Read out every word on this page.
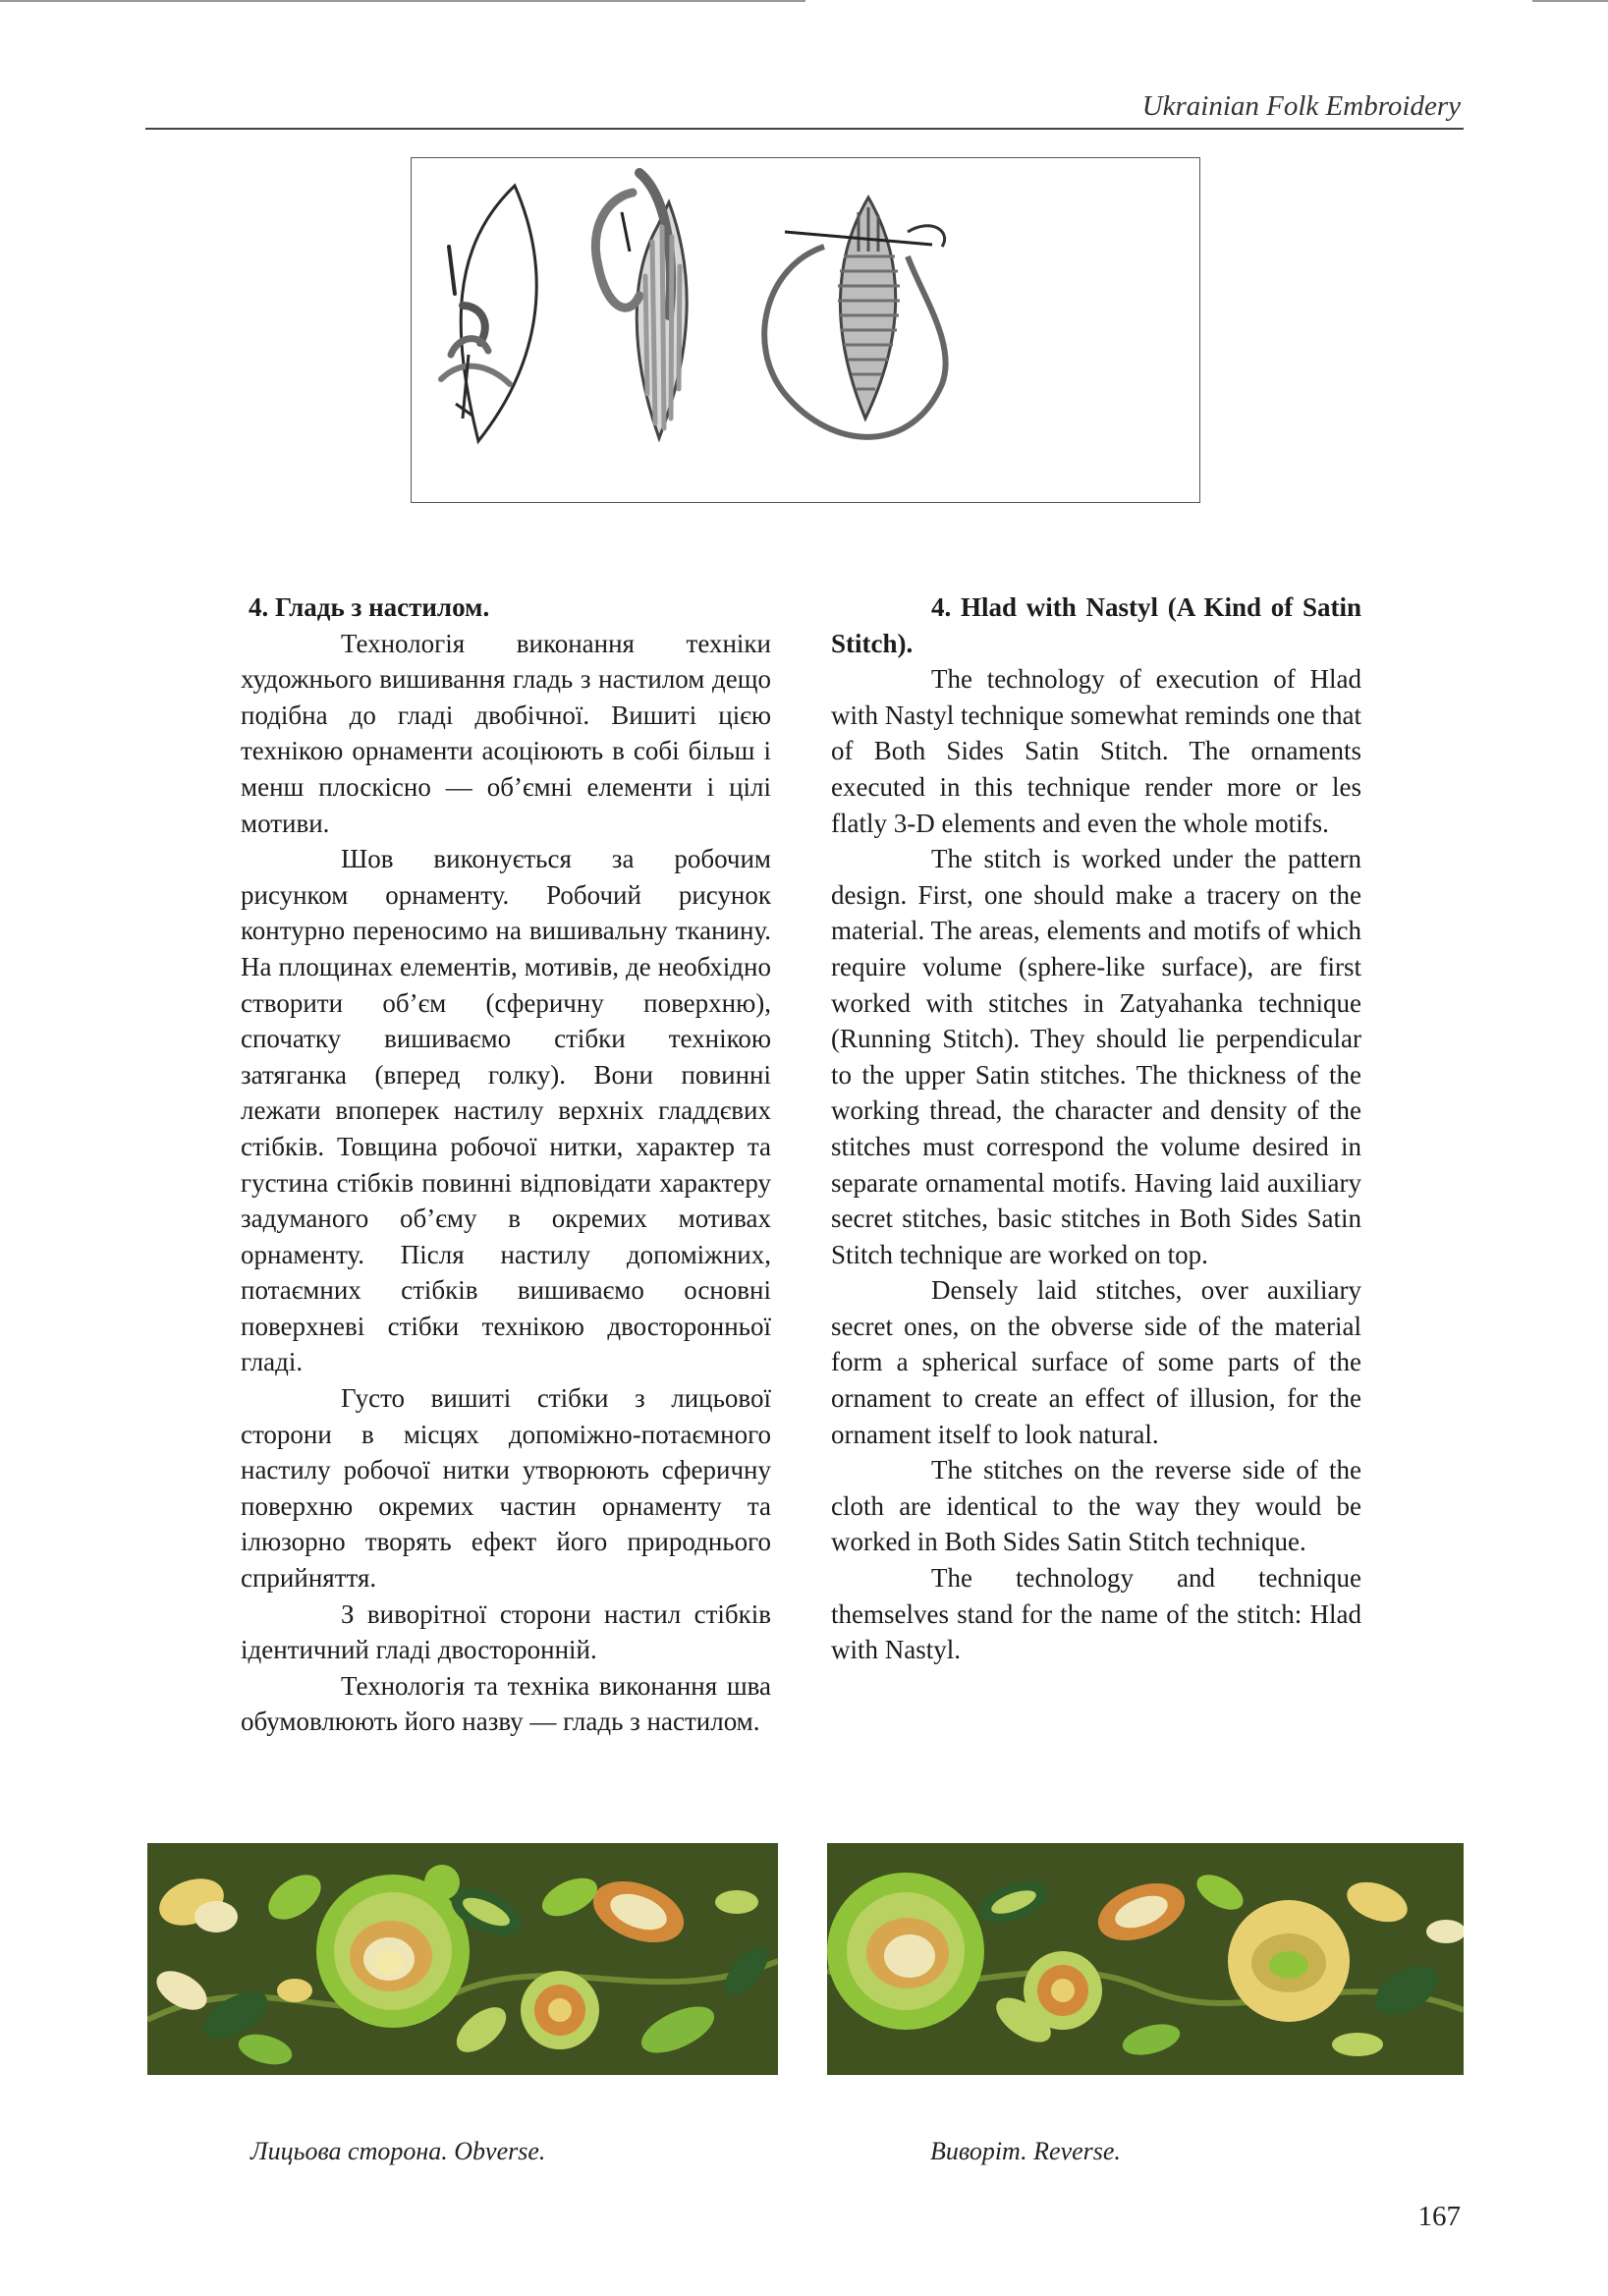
Ukrainian Folk Embroidery

4. Гладь з настилом.

Технологія виконання техніки художнього вишивання гладь з настилом дещо подібна до гладі двобічної. Вишиті цією технікою орнаменти асоціюють в собі більш і менш плоскісно — об’ємні елементи і цілі мотиви.

Шов виконується за робочим рисунком орнаменту. Робочий рисунок контурно переносимо на вишивальну тканину. На площинах елементів, мотивів, де необхідно створити об’єм (сферичну поверхню), спочатку вишиваємо стібки технікою затяганка (вперед голку). Вони повинні лежати впоперек настилу верхніх гладдєвих стібків. Товщина робочої нитки, характер та густина стібків повинні відповідати характеру задуманого об’єму в окремих мотивах орнаменту. Після настилу допоміжних, потаємних стібків вишиваємо основні поверхневі стібки технікою двосторонньої гладі.

Густо вишиті стібки з лицьової сторони в місцях допоміжно-потаємного настилу робочої нитки утворюють сферичну поверхню окремих частин орнаменту та ілюзорно творять ефект його природнього сприйняття.

З виворітної сторони настил стібків ідентичний гладі двосторонній.

Технологія та техніка виконання шва обумовлюють його назву — гладь з настилом.

4. Hlad with Nastyl (A Kind of Satin Stitch).

The technology of execution of Hlad with Nastyl technique somewhat reminds one that of Both Sides Satin Stitch. The ornaments executed in this technique render more or les flatly 3-D elements and even the whole motifs.

The stitch is worked under the pattern design. First, one should make a tracery on the material. The areas, elements and motifs of which require volume (sphere-like surface), are first worked with stitches in Zatyahanka technique (Running Stitch). They should lie perpendicular to the upper Satin stitches. The thickness of the working thread, the character and density of the stitches must correspond the volume desired in separate ornamental motifs. Having laid auxiliary secret stitches, basic stitches in Both Sides Satin Stitch technique are worked on top.

Densely laid stitches, over auxiliary secret ones, on the obverse side of the material form a spherical surface of some parts of the ornament to create an effect of illusion, for the ornament itself to look natural.

The stitches on the reverse side of the cloth are identical to the way they would be worked in Both Sides Satin Stitch technique.

The technology and technique themselves stand for the name of the stitch: Hlad with Nastyl.

Лицьова сторона. Obverse.	Виворіт. Reverse.
167
